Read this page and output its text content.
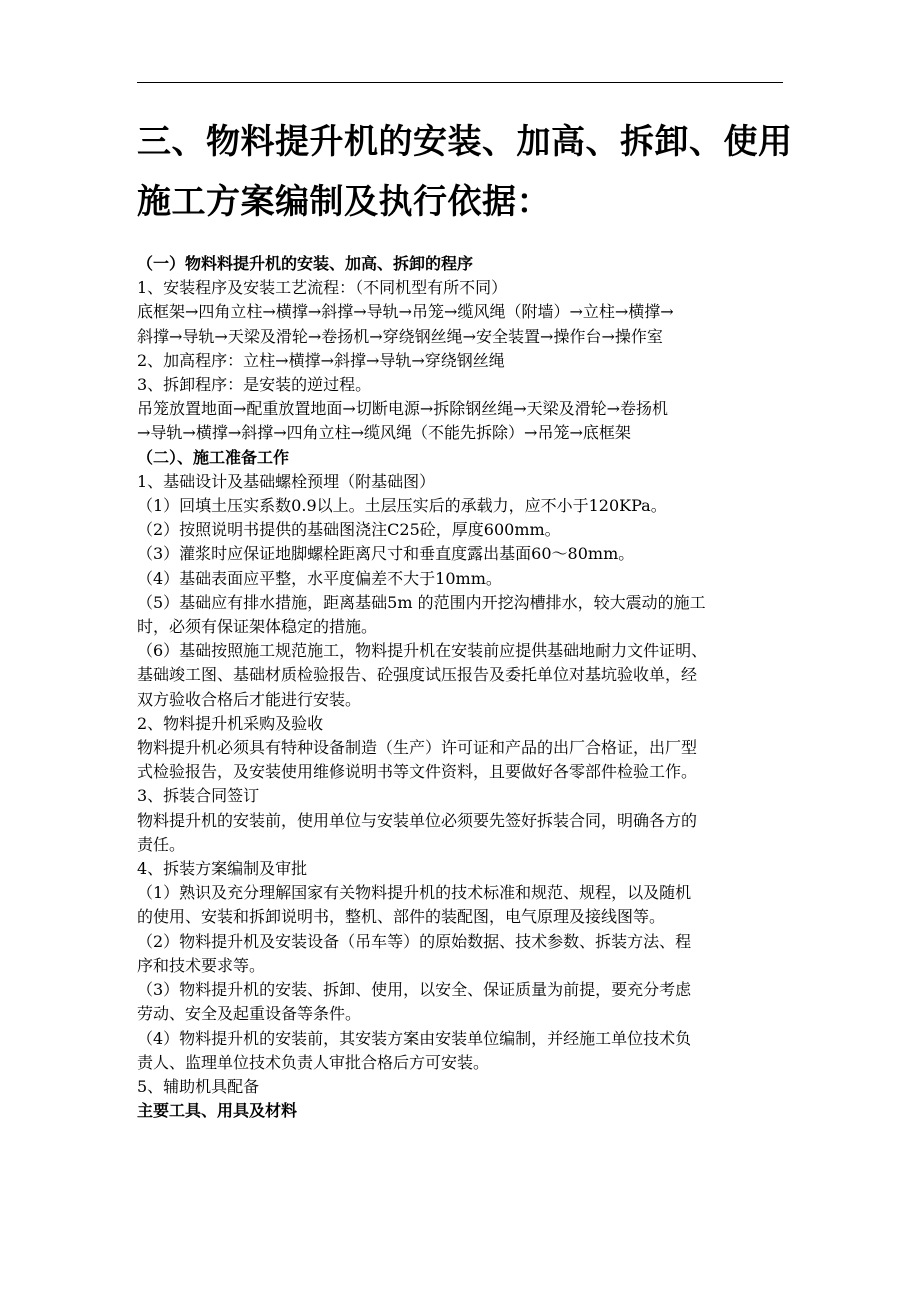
三、物料提升机的安装、加高、拆卸、使用
施工方案编制及执行依据：

（一）物料料提升机的安装、加高、拆卸的程序

1、安装程序及安装工艺流程：（不同机型有所不同）

底框架→四角立柱→横撑→斜撑→导轨→吊笼→缆风绳（附墙）→立柱→横撑→

斜撑→导轨→天梁及滑轮→卷扬机→穿绕钢丝绳→安全装置→操作台→操作室

2、加高程序：立柱→横撑→斜撑→导轨→穿绕钢丝绳

3、拆卸程序：是安装的逆过程。

吊笼放置地面→配重放置地面→切断电源→拆除钢丝绳→天梁及滑轮→卷扬机

→导轨→横撑→斜撑→四角立柱→缆风绳（不能先拆除）→吊笼→底框架

（二）、施工准备工作

1、基础设计及基础螺栓预埋（附基础图）

（1）回填土压实系数0.9以上。土层压实后的承载力，应不小于120KPa。

（2）按照说明书提供的基础图浇注C25砼，厚度600mm。

（3）灌浆时应保证地脚螺栓距离尺寸和垂直度露出基面60～80mm。

（4）基础表面应平整，水平度偏差不大于10mm。

（5）基础应有排水措施，距离基础5m 的范围内开挖沟槽排水，较大震动的施工

时，必须有保证架体稳定的措施。

（6）基础按照施工规范施工，物料提升机在安装前应提供基础地耐力文件证明、

基础竣工图、基础材质检验报告、砼强度试压报告及委托单位对基坑验收单，经

双方验收合格后才能进行安装。

2、物料提升机采购及验收

物料提升机必须具有特种设备制造（生产）许可证和产品的出厂合格证，出厂型

式检验报告，及安装使用维修说明书等文件资料，且要做好各零部件检验工作。

3、拆装合同签订

物料提升机的安装前，使用单位与安装单位必须要先签好拆装合同，明确各方的

责任。

4、拆装方案编制及审批

（1）熟识及充分理解国家有关物料提升机的技术标准和规范、规程，以及随机

的使用、安装和拆卸说明书，整机、部件的装配图，电气原理及接线图等。

（2）物料提升机及安装设备（吊车等）的原始数据、技术参数、拆装方法、程

序和技术要求等。

（3）物料提升机的安装、拆卸、使用，以安全、保证质量为前提，要充分考虑

劳动、安全及起重设备等条件。

（4）物料提升机的安装前，其安装方案由安装单位编制，并经施工单位技术负

责人、监理单位技术负责人审批合格后方可安装。

5、辅助机具配备

主要工具、用具及材料
